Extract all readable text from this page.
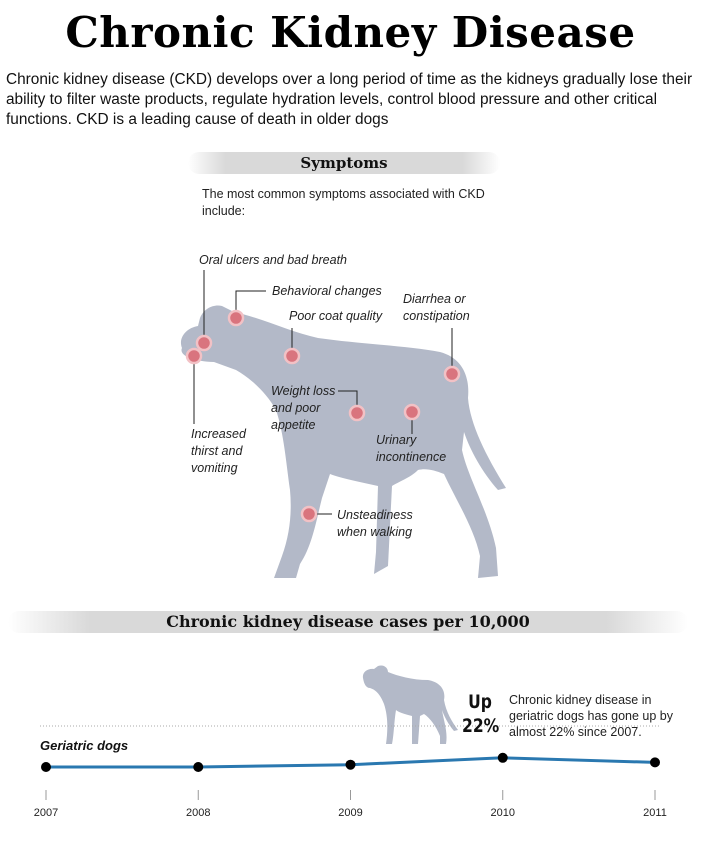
Chronic Kidney Disease
Chronic kidney disease (CKD) develops over a long period of time as the kidneys gradually lose their ability to filter waste products, regulate hydration levels, control blood pressure and other critical functions. CKD is a leading cause of death in older dogs
Symptoms
The most common symptoms associated with CKD include:
Oral ulcers and bad breath
Behavioral changes
Poor coat quality
Diarrhea or
constipation
Weight loss
and poor
appetite
Increased
thirst and
vomiting
Urinary
incontinence
Unsteadiness
when walking
Chronic kidney disease cases per 10,000
Geriatric dogs
Up
22%
Chronic kidney disease in geriatric dogs has gone up by almost 22% since 2007.
2007	2008	2009	2010	2011
